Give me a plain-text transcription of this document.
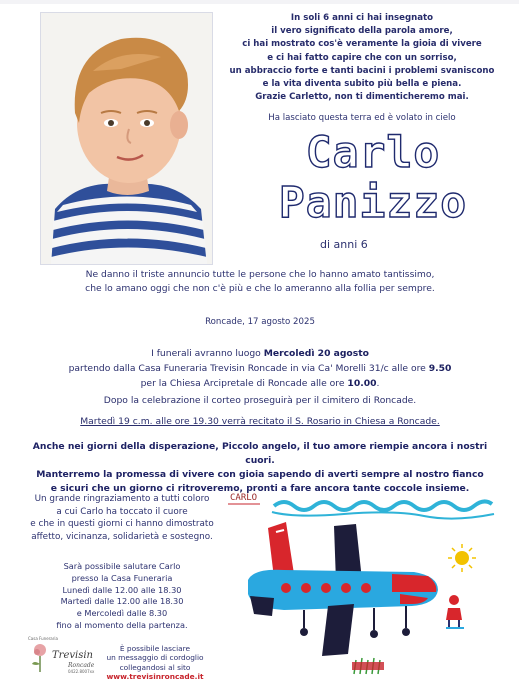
In soli 6 anni ci hai insegnato
il vero significato della parola amore,
ci hai mostrato cos'è veramente la gioia di vivere
e ci hai fatto capire che con un sorriso,
un abbraccio forte e tanti bacini i problemi svaniscono
e la vita diventa subito più bella e piena.
Grazie Carletto, non ti dimenticheremo mai.
Ha lasciato questa terra ed è volato in cielo
Carlo
Panizzo
di anni 6
Ne danno il triste annuncio tutte le persone che lo hanno amato tantissimo,
che lo amano oggi che non c'è più e che lo ameranno alla follia per sempre.
Roncade, 17 agosto 2025
I funerali avranno luogo Mercoledì 20 agosto
partendo dalla Casa Funeraria Trevisin Roncade in via Ca' Morelli 31/c alle ore 9.50
per la Chiesa Arcipretale di Roncade alle ore 10.00.
Dopo la celebrazione il corteo proseguirà per il cimitero di Roncade.
Martedì 19 c.m. alle ore 19.30 verrà recitato il S. Rosario in Chiesa a Roncade.
Anche nei giorni della disperazione, Piccolo angelo, il tuo amore riempie ancora i nostri cuori.
Manterremo la promessa di vivere con gioia sapendo di averti sempre al nostro fianco
e sicuri che un giorno ci ritroveremo, pronti a fare ancora tante coccole insieme.
Un grande ringraziamento a tutti coloro
a cui Carlo ha toccato il cuore
e che in questi giorni ci hanno dimostrato
affetto, vicinanza, solidarietà e sostegno.
Sarà possibile salutare Carlo
presso la Casa Funeraria
Lunedì dalle 12.00 alle 18.30
Martedì dalle 12.00 alle 18.30
e Mercoledì dalle 8.30
fino al momento della partenza.
Casa Funeraria
Trevisin
Roncade
0422.8007xx
È possibile lasciare
un messaggio di cordoglio
collegandosi al sito
www.trevisinroncade.it
CARLO
